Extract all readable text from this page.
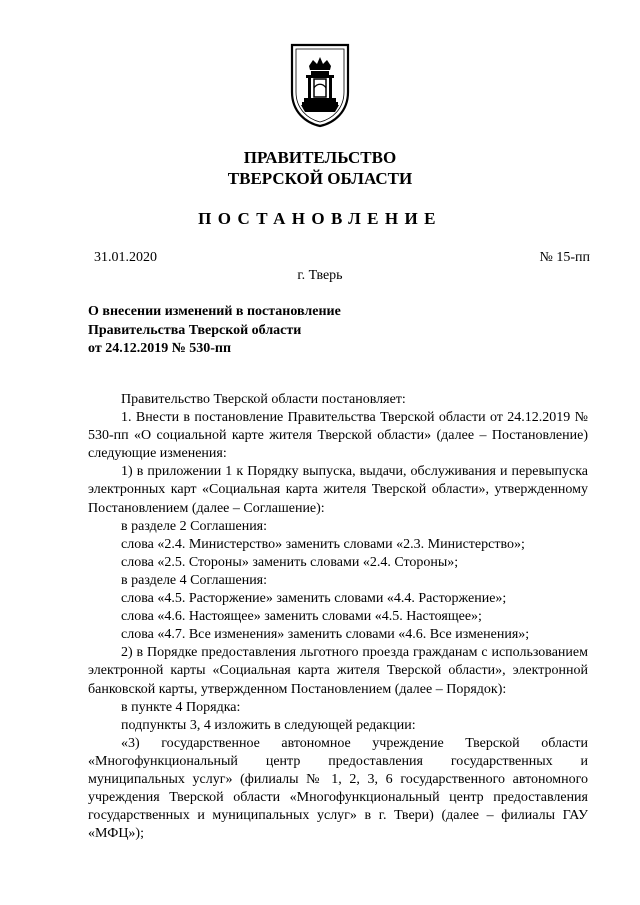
ПРАВИТЕЛЬСТВО
ТВЕРСКОЙ ОБЛАСТИ
ПОСТАНОВЛЕНИЕ
31.01.2020	№ 15-пп
г. Тверь
О внесении изменений в постановление
Правительства Тверской области
от 24.12.2019 № 530-пп
Правительство Тверской области постановляет:
1. Внести в постановление Правительства Тверской области от 24.12.2019 № 530-пп «О социальной карте жителя Тверской области» (далее – Постановление) следующие изменения:
1) в приложении 1 к Порядку выпуска, выдачи, обслуживания и перевыпуска электронных карт «Социальная карта жителя Тверской области», утвержденному Постановлением (далее – Соглашение):
в разделе 2 Соглашения:
слова «2.4. Министерство» заменить словами «2.3. Министерство»;
слова «2.5. Стороны» заменить словами «2.4. Стороны»;
в разделе 4 Соглашения:
слова «4.5. Расторжение» заменить словами «4.4. Расторжение»;
слова «4.6. Настоящее» заменить словами «4.5. Настоящее»;
слова «4.7. Все изменения» заменить словами «4.6. Все изменения»;
2) в Порядке предоставления льготного проезда гражданам с использованием электронной карты «Социальная карта жителя Тверской области», электронной банковской карты, утвержденном Постановлением (далее – Порядок):
в пункте 4 Порядка:
подпункты 3, 4 изложить в следующей редакции:
«3) государственное автономное учреждение Тверской области «Многофункциональный центр предоставления государственных и муниципальных услуг» (филиалы № 1, 2, 3, 6 государственного автономного учреждения Тверской области «Многофункциональный центр предоставления государственных и муниципальных услуг» в г. Твери) (далее – филиалы ГАУ «МФЦ»);
